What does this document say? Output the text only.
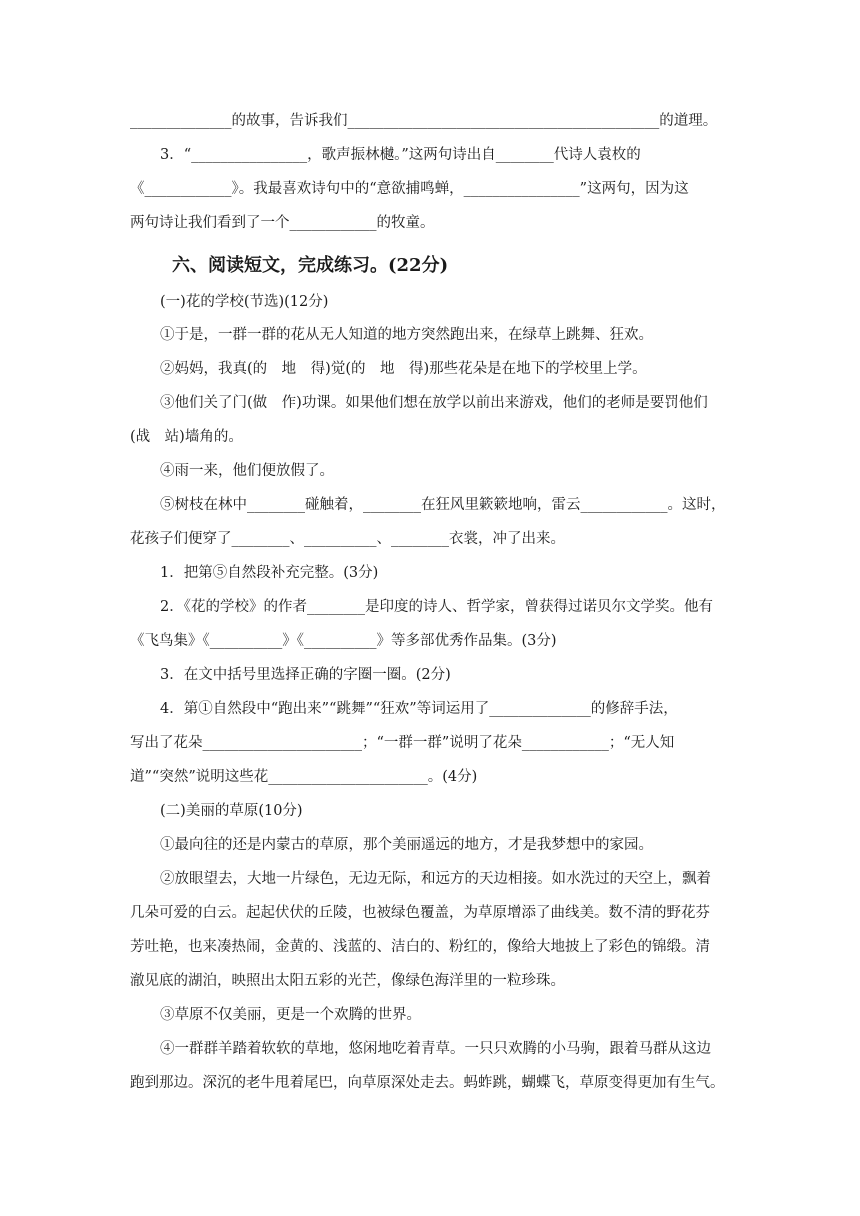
六、阅读短文，完成练习。(22分)
______________的故事，告诉我们___________________________________________的道理。
3．“________________，歌声振林樾。”这两句诗出自________代诗人袁枚的
《____________》。我最喜欢诗句中的“意欲捕鸣蝉，________________”这两句，因为这
两句诗让我们看到了一个____________的牧童。
(一)花的学校(节选)(12分)
①于是，一群一群的花从无人知道的地方突然跑出来，在绿草上跳舞、狂欢。
②妈妈，我真(的　地　得)觉(的　地　得)那些花朵是在地下的学校里上学。
③他们关了门(做　作)功课。如果他们想在放学以前出来游戏，他们的老师是要罚他们
(战　站)墙角的。
④雨一来，他们便放假了。
⑤树枝在林中________碰触着，________在狂风里簌簌地响，雷云____________。这时，
花孩子们便穿了________、__________、________衣裳，冲了出来。
1．把第⑤自然段补充完整。(3分)
2．《花的学校》的作者________是印度的诗人、哲学家，曾获得过诺贝尔文学奖。他有
《飞鸟集》《__________》《__________》等多部优秀作品集。(3分)
3．在文中括号里选择正确的字圈一圈。(2分)
4．第①自然段中“跑出来”“跳舞”“狂欢”等词运用了______________的修辞手法，
写出了花朵______________________；“一群一群”说明了花朵____________；“无人知
道”“突然”说明这些花______________________。(4分)
(二)美丽的草原(10分)
①最向往的还是内蒙古的草原，那个美丽遥远的地方，才是我梦想中的家园。
②放眼望去，大地一片绿色，无边无际，和远方的天边相接。如水洗过的天空上，飘着
几朵可爱的白云。起起伏伏的丘陵，也被绿色覆盖，为草原增添了曲线美。数不清的野花芬
芳吐艳，也来凑热闹，金黄的、浅蓝的、洁白的、粉红的，像给大地披上了彩色的锦缎。清
澈见底的湖泊，映照出太阳五彩的光芒，像绿色海洋里的一粒珍珠。
③草原不仅美丽，更是一个欢腾的世界。
④一群群羊踏着软软的草地，悠闲地吃着青草。一只只欢腾的小马驹，跟着马群从这边
跑到那边。深沉的老牛甩着尾巴，向草原深处走去。蚂蚱跳，蝴蝶飞，草原变得更加有生气。
